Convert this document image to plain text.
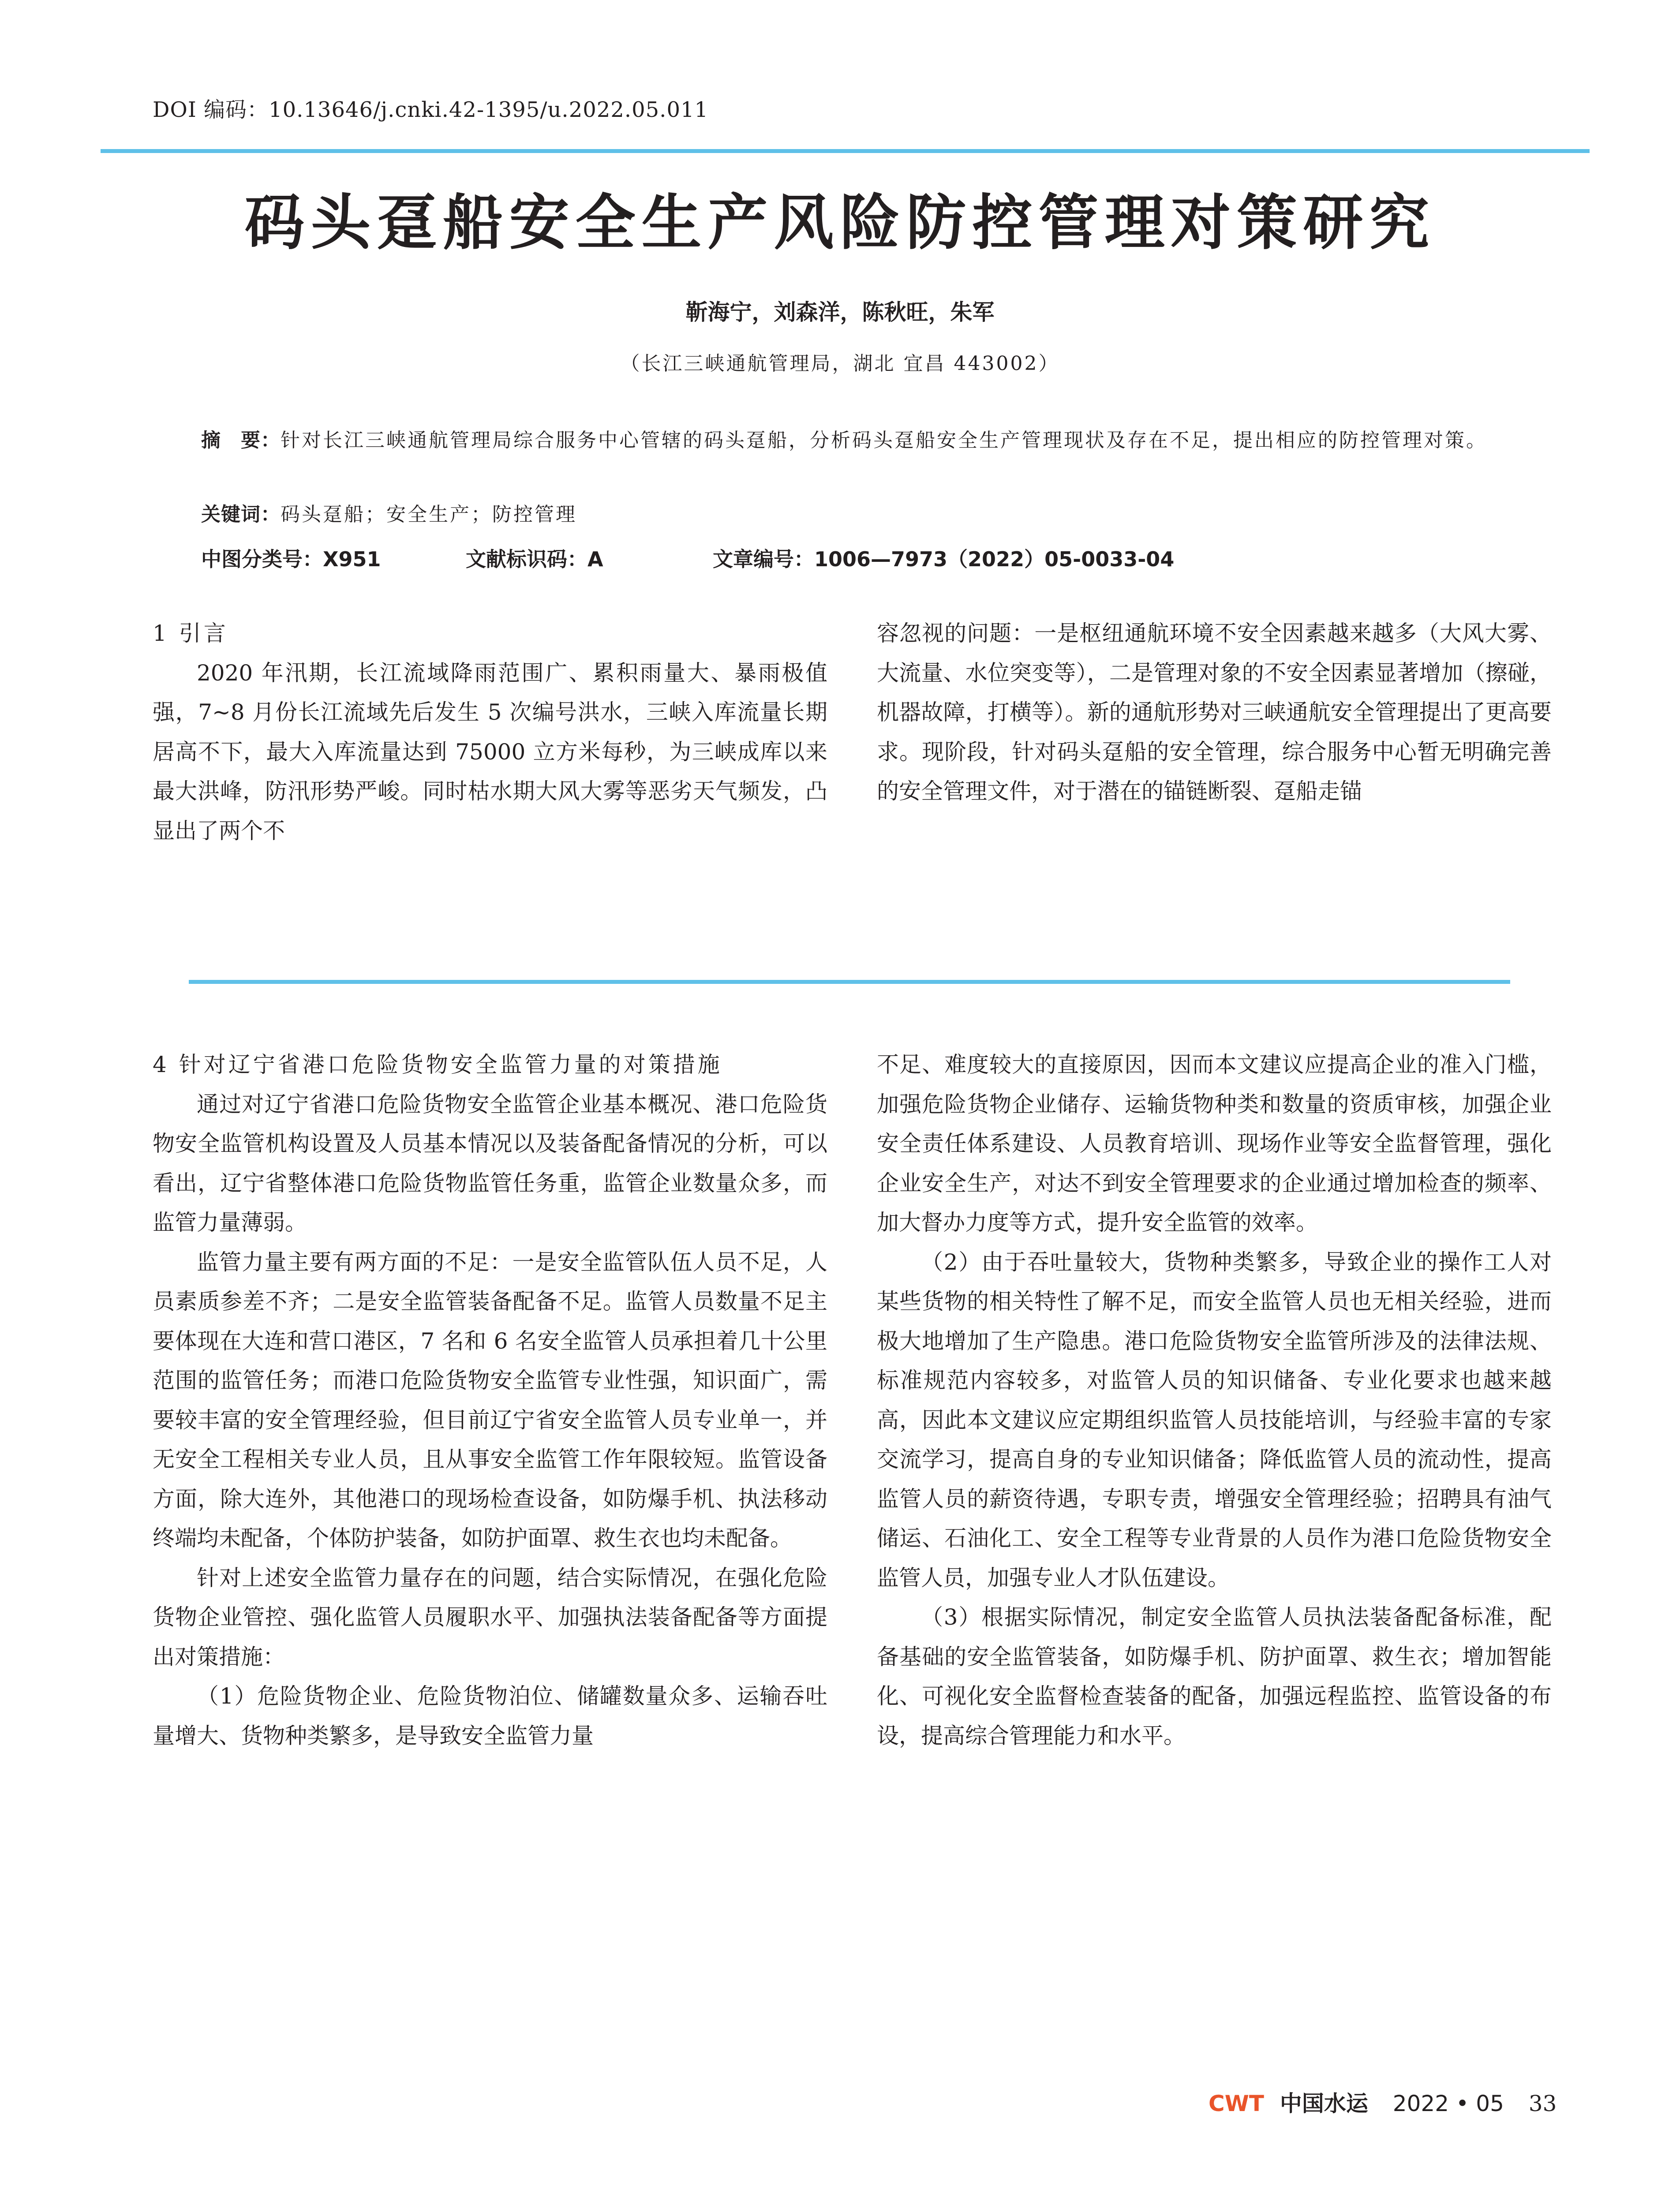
DOI 编码：10.13646/j.cnki.42-1395/u.2022.05.011
码头趸船安全生产风险防控管理对策研究
靳海宁，刘森洋，陈秋旺，朱军
（长江三峡通航管理局，湖北 宜昌 443002）
摘　要：针对长江三峡通航管理局综合服务中心管辖的码头趸船，分析码头趸船安全生产管理现状及存在不足，提出相应的防控管理对策。
关键词：码头趸船；安全生产；防控管理
中图分类号：X951	文献标识码：A	文章编号：1006—7973（2022）05-0033-04
1 引言

2020 年汛期，长江流域降雨范围广、累积雨量大、暴雨极值强，7~8 月份长江流域先后发生 5 次编号洪水，三峡入库流量长期居高不下，最大入库流量达到 75000 立方米每秒，为三峡成库以来最大洪峰，防汛形势严峻。同时枯水期大风大雾等恶劣天气频发，凸显出了两个不

容忽视的问题：一是枢纽通航环境不安全因素越来越多（大风大雾、大流量、水位突变等），二是管理对象的不安全因素显著增加（擦碰，机器故障，打横等）。新的通航形势对三峡通航安全管理提出了更高要求。现阶段，针对码头趸船的安全管理，综合服务中心暂无明确完善的安全管理文件，对于潜在的锚链断裂、趸船走锚

4 针对辽宁省港口危险货物安全监管力量的对策措施

通过对辽宁省港口危险货物安全监管企业基本概况、港口危险货物安全监管机构设置及人员基本情况以及装备配备情况的分析，可以看出，辽宁省整体港口危险货物监管任务重，监管企业数量众多，而监管力量薄弱。

监管力量主要有两方面的不足：一是安全监管队伍人员不足，人员素质参差不齐；二是安全监管装备配备不足。监管人员数量不足主要体现在大连和营口港区，7 名和 6 名安全监管人员承担着几十公里范围的监管任务；而港口危险货物安全监管专业性强，知识面广，需要较丰富的安全管理经验，但目前辽宁省安全监管人员专业单一，并无安全工程相关专业人员，且从事安全监管工作年限较短。监管设备方面，除大连外，其他港口的现场检查设备，如防爆手机、执法移动终端均未配备，个体防护装备，如防护面罩、救生衣也均未配备。

针对上述安全监管力量存在的问题，结合实际情况，在强化危险货物企业管控、强化监管人员履职水平、加强执法装备配备等方面提出对策措施：

（1）危险货物企业、危险货物泊位、储罐数量众多、运输吞吐量增大、货物种类繁多，是导致安全监管力量

不足、难度较大的直接原因，因而本文建议应提高企业的准入门槛，加强危险货物企业储存、运输货物种类和数量的资质审核，加强企业安全责任体系建设、人员教育培训、现场作业等安全监督管理，强化企业安全生产，对达不到安全管理要求的企业通过增加检查的频率、加大督办力度等方式，提升安全监管的效率。

（2）由于吞吐量较大，货物种类繁多，导致企业的操作工人对某些货物的相关特性了解不足，而安全监管人员也无相关经验，进而极大地增加了生产隐患。港口危险货物安全监管所涉及的法律法规、标准规范内容较多，对监管人员的知识储备、专业化要求也越来越高，因此本文建议应定期组织监管人员技能培训，与经验丰富的专家交流学习，提高自身的专业知识储备；降低监管人员的流动性，提高监管人员的薪资待遇，专职专责，增强安全管理经验；招聘具有油气储运、石油化工、安全工程等专业背景的人员作为港口危险货物安全监管人员，加强专业人才队伍建设。

（3）根据实际情况，制定安全监管人员执法装备配备标准，配备基础的安全监管装备，如防爆手机、防护面罩、救生衣；增加智能化、可视化安全监督检查装备的配备，加强远程监控、监管设备的布设，提高综合管理能力和水平。

CWT 中国水运 2022 • 05 33
